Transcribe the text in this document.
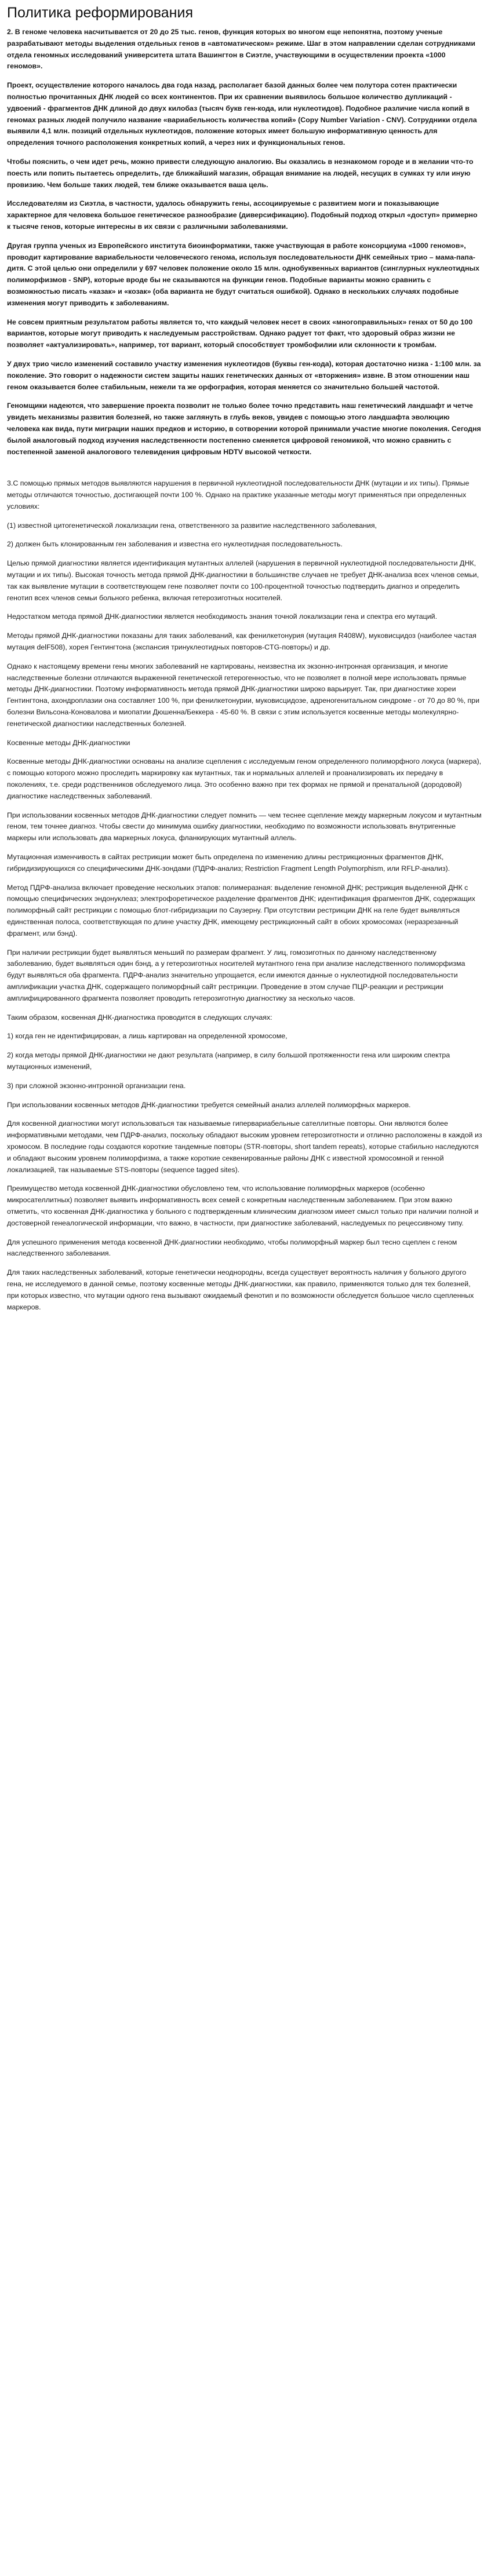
Политика реформирования

2. В геноме человека насчитывается от 20 до 25 тыс. генов, функция которых во многом еще непонятна, поэтому ученые разрабатывают методы выделения отдельных генов в «автоматическом» режиме. Шаг в этом направлении сделан сотрудниками отдела геномных исследований университета штата Вашингтон в Сиэтле, участвующими в осуществлении проекта «1000 геномов».

Проект, осуществление которого началось два года назад, располагает базой данных более чем полутора сотен практически полностью прочитанных ДНК людей со всех континентов. При их сравнении выявилось большое количество дупликаций - удвоений - фрагментов ДНК длиной до двух килобаз (тысяч букв ген-кода, или нуклеотидов). Подобное различие числа копий в геномах разных людей получило название «вариабельность количества копий» (Copy Number Variation - CNV). Сотрудники отдела выявили 4,1 млн. позиций отдельных нуклеотидов, положение которых имеет большую информативную ценность для определения точного расположения конкретных копий, а через них и функциональных генов.

Чтобы пояснить, о чем идет речь, можно привести следующую аналогию. Вы оказались в незнакомом городе и в желании что-то поесть или попить пытаетесь определить, где ближайший магазин, обращая внимание на людей, несущих в сумках ту или иную провизию. Чем больше таких людей, тем ближе оказывается ваша цель.

Исследователям из Сиэтла, в частности, удалось обнаружить гены, ассоциируемые с развитием моги и показывающие характерное для человека большое генетическое разнообразие (диверсификацию). Подобный подход открыл «доступ» примерно к тысяче генов, которые интересны в их связи с различными заболеваниями.

Другая группа ученых из Европейского института биоинформатики, также участвующая в работе консорциума «1000 геномов», проводит картирование вариабельности человеческого генома, используя последовательности ДНК семейных трио – мама-папа-дитя. С этой целью они определили у 697 человек положение около 15 млн. однобуквенных вариантов (синглурных нуклеотидных полиморфизмов - SNP), которые вроде бы не сказываются на функции генов. Подобные варианты можно сравнить с возможностью писать «казак» и «козак» (оба варианта не будут считаться ошибкой). Однако в нескольких случаях подобные изменения могут приводить к заболеваниям.

Не совсем приятным результатом работы является то, что каждый человек несет в своих «многоправильных» генах от 50 до 100 вариантов, которые могут приводить к наследуемым расстройствам. Однако радует тот факт, что здоровый образ жизни не позволяет «актуализировать», например, тот вариант, который способствует тромбофилии или склонности к тромбам.

У двух трио число изменений составило участку изменения нуклеотидов (буквы ген-кода), которая достаточно низка - 1:100 млн. за поколение. Это говорит о надежности систем защиты наших генетических данных от «вторжения» извне. В этом отношении наш геном оказывается более стабильным, нежели та же орфография, которая меняется со значительно большей частотой.

Геномщики надеются, что завершение проекта позволит не только более точно представить наш генетический ландшафт и четче увидеть механизмы развития болезней, но также заглянуть в глубь веков, увидев с помощью этого ландшафта эволюцию человека как вида, пути миграции наших предков и историю, в сотворении которой принимали участие многие поколения. Сегодня былой аналоговый подход изучения наследственности постепенно сменяется цифровой геномикой, что можно сравнить с постепенной заменой аналогового телевидения цифровым HDTV высокой четкости.

3.С помощью прямых методов выявляются нарушения в первичной нуклеотидной последовательности ДНК (мутации и их типы). Прямые методы отличаются точностью, достигающей почти 100 %. Однако на практике указанные методы могут применяться при определенных условиях:

(1) известной цитогенетической локализации гена, ответственного за развитие наследственного заболевания,

2) должен быть клонированным ген заболевания и известна его нуклеотидная последовательность.

Целью прямой диагностики является идентификация мутантных аллелей (нарушения в первичной нуклеотидной последовательности ДНК, мутации и их типы). Высокая точность метода прямой ДНК-диагностики в большинстве случаев не требует ДНК-анализа всех членов семьи, так как выявление мутации в соответствующем гене позволяет почти со 100-процентной точностью подтвердить диагноз и определить генотип всех членов семьи больного ребенка, включая гетерозиготных носителей.

Недостатком метода прямой ДНК-диагностики является необходимость знания точной локализации гена и спектра его мутаций.

Методы прямой ДНК-диагностики показаны для таких заболеваний, как фенилкетонурия (мутация R408W), муковисцидоз (наиболее частая мутация delF508), хорея Гентингтона (экспансия тринуклеотидных повторов-CTG-повторы) и др.

Однако к настоящему времени гены многих заболеваний не картированы, неизвестна их экзонно-интронная организация, и многие наследственные болезни отличаются выраженной генетической гетерогенностью, что не позволяет в полной мере использовать прямые методы ДНК-диагностики. Поэтому информативность метода прямой ДНК-диагностики широко варьирует. Так, при диагностике хореи Гентингтона, ахондроплазии она составляет 100 %, при фенилкетонурии, муковисцидозе, адреногенитальном синдроме - от 70 до 80 %, при болезни Вильсона-Коновалова и миопатии Дюшенна/Беккера - 45-60 %. В связи с этим используется косвенные методы молекулярно-генетической диагностики наследственных болезней.

Косвенные методы ДНК-диагностики

Косвенные методы ДНК-диагностики основаны на анализе сцепления с исследуемым геном определенного полиморфного локуса (маркера), с помощью которого можно проследить маркировку как мутантных, так и нормальных аллелей и проанализировать их передачу в поколениях, т.е. среди родственников обследуемого лица. Это особенно важно при тех формах не прямой и пренатальной (дородовой) диагностике наследственных заболеваний.

При использовании косвенных методов ДНК-диагностики следует помнить — чем теснее сцепление между маркерным локусом и мутантным геном, тем точнее диагноз. Чтобы свести до минимума ошибку диагностики, необходимо по возможности использовать внутригенные маркеры или использовать два маркерных локуса, фланкирующих мутантный аллель.

Мутационная изменчивость в сайтах рестрикции может быть определена по изменению длины рестрикционных фрагментов ДНК, гибридизирующихся со специфическими ДНК-зондами (ПДРФ-анализ; Restriction Fragment Length Polymorphism, или RFLP-анализ).

Метод ПДРФ-анализа включает проведение нескольких этапов: полимеразная: выделение геномной ДНК; рестрикция выделенной ДНК с помощью специфических эндонуклеаз; электрофоретическое разделение фрагментов ДНК; идентификация фрагментов ДНК, содержащих полиморфный сайт рестрикции с помощью блот-гибридизации по Саузерну. При отсутствии рестрикции ДНК на геле будет выявляться единственная полоса, соответствующая по длине участку ДНК, имеющему рестрикционный сайт в обоих хромосомах (неразрезанный фрагмент, или бэнд).

При наличии рестрикции будет выявляться меньший по размерам фрагмент. У лиц, гомозиготных по данному наследственному заболеванию, будет выявляться один бэнд, а у гетерозиготных носителей мутантного гена при анализе наследственного полиморфизма будут выявляться оба фрагмента. ПДРФ-анализ значительно упрощается, если имеются данные о нуклеотидной последовательности амплификации участка ДНК, содержащего полиморфный сайт рестрикции. Проведение в этом случае ПЦР-реакции и рестрикции амплифицированного фрагмента позволяет проводить гетерозиготную диагностику за несколько часов.

Таким образом, косвенная ДНК-диагностика проводится в следующих случаях:

1) когда ген не идентифицирован, а лишь картирован на определенной хромосоме,

2) когда методы прямой ДНК-диагностики не дают результата (например, в силу большой протяженности гена или широким спектра мутационных изменений,

3) при сложной экзонно-интронной организации гена.

При использовании косвенных методов ДНК-диагностики требуется семейный анализ аллелей полиморфных маркеров.

Для косвенной диагностики могут использоваться так называемые гипервариабельные сателлитные повторы. Они являются более информативными методами, чем ПДРФ-анализ, поскольку обладают высоким уровнем гетерозиготности и отлично расположены в каждой из хромосом. В последние годы создаются короткие тандемные повторы (STR-повторы, short tandem repeats), которые стабильно наследуются и обладают высоким уровнем полиморфизма, а также короткие секвенированные районы ДНК с известной хромосомной и генной локализацией, так называемые STS-повторы (sequence tagged sites).

Преимущество метода косвенной ДНК-диагностики обусловлено тем, что использование полиморфных маркеров (особенно микросателлитных) позволяет выявить информативность всех семей с конкретным наследственным заболеванием. При этом важно отметить, что косвенная ДНК-диагностика у больного с подтвержденным клиническим диагнозом имеет смысл только при наличии полной и достоверной генеалогической информации, что важно, в частности, при диагностике заболеваний, наследуемых по рецессивному типу.

Для успешного применения метода косвенной ДНК-диагностики необходимо, чтобы полиморфный маркер был тесно сцеплен с геном наследственного заболевания.

Для таких наследственных заболеваний, которые генетически неоднородны, всегда существует вероятность наличия у больного другого гена, не исследуемого в данной семье, поэтому косвенные методы ДНК-диагностики, как правило, применяются только для тех болезней, при которых известно, что мутации одного гена вызывают ожидаемый фенотип и по возможности обследуется большое число сцепленных маркеров.
